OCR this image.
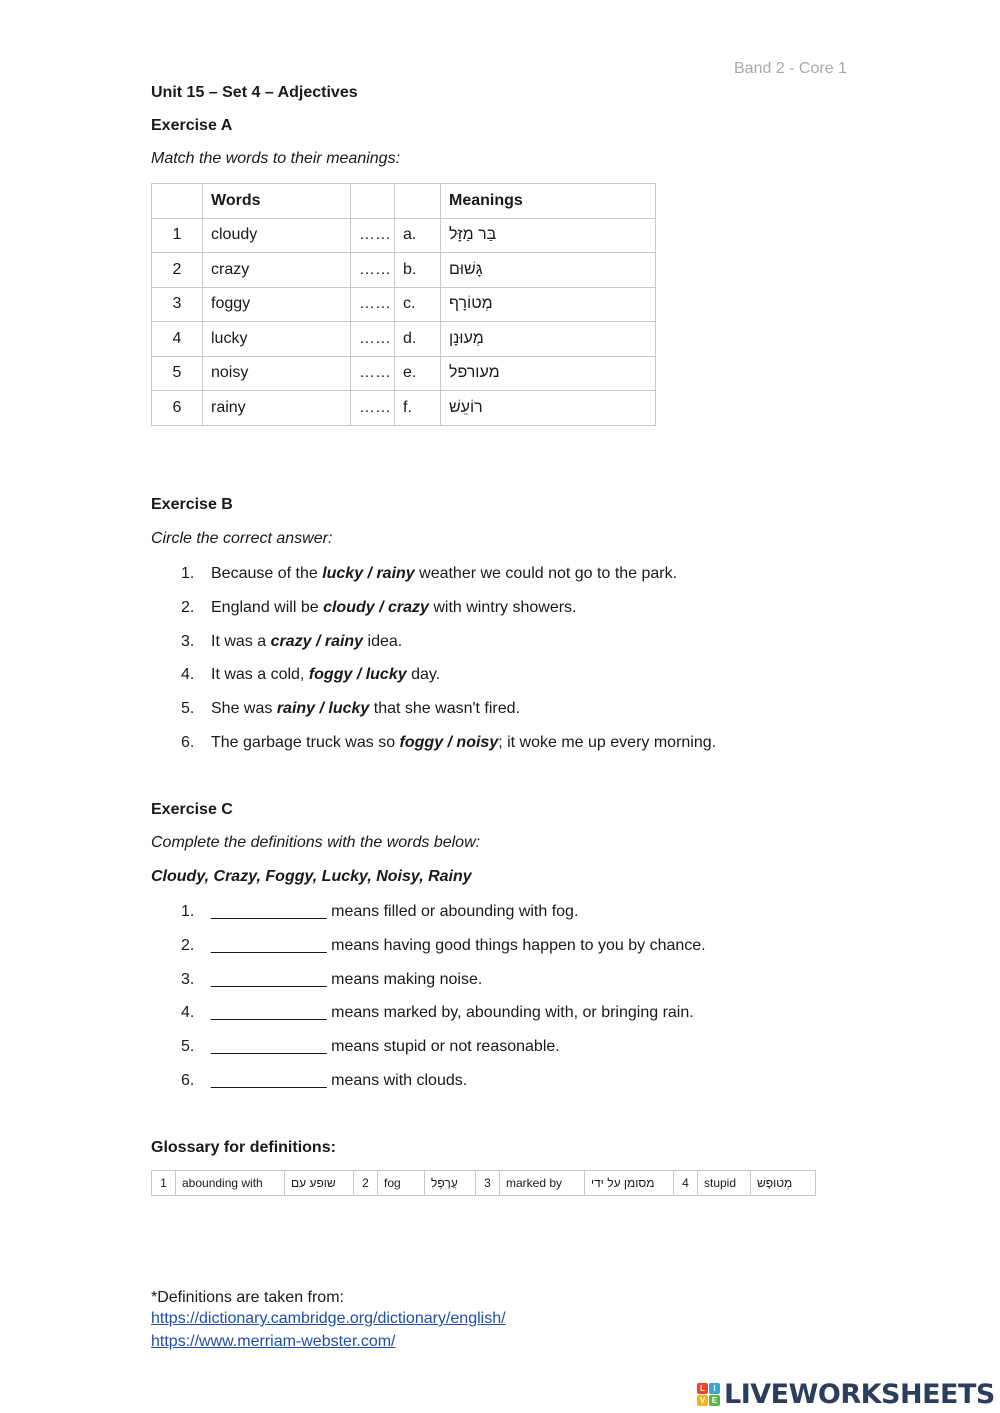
Band 2 - Core 1
Unit 15 – Set 4 – Adjectives
Exercise A
Match the words to their meanings:
	Words			Meanings
1	cloudy	……	a.	בַּר מַזָּל
2	crazy	……	b.	גָּשׁוּם
3	foggy	……	c.	מְטוֹרָף
4	lucky	……	d.	מְעוּנָן
5	noisy	……	e.	מעורפל
6	rainy	……	f.	רוֹעֵשׁ
Exercise B
Circle the correct answer:
1. Because of the lucky / rainy weather we could not go to the park.
2. England will be cloudy / crazy with wintry showers.
3. It was a crazy / rainy idea.
4. It was a cold, foggy / lucky day.
5. She was rainy / lucky that she wasn't fired.
6. The garbage truck was so foggy / noisy; it woke me up every morning.
Exercise C
Complete the definitions with the words below:
Cloudy, Crazy, Foggy, Lucky, Noisy, Rainy
1. _____________ means filled or abounding with fog.
2. _____________ means having good things happen to you by chance.
3. _____________ means making noise.
4. _____________ means marked by, abounding with, or bringing rain.
5. _____________ means stupid or not reasonable.
6. _____________ means with clouds.
Glossary for definitions:
1	abounding with	שופע עם	2	fog	עֲרָפֶל	3	marked by	מסומן על ידי	4	stupid	מְטוּפָּשׁ
*Definitions are taken from:
https://dictionary.cambridge.org/dictionary/english/
https://www.merriam-webster.com/
L	I
V E LIVEWORKSHEETS
